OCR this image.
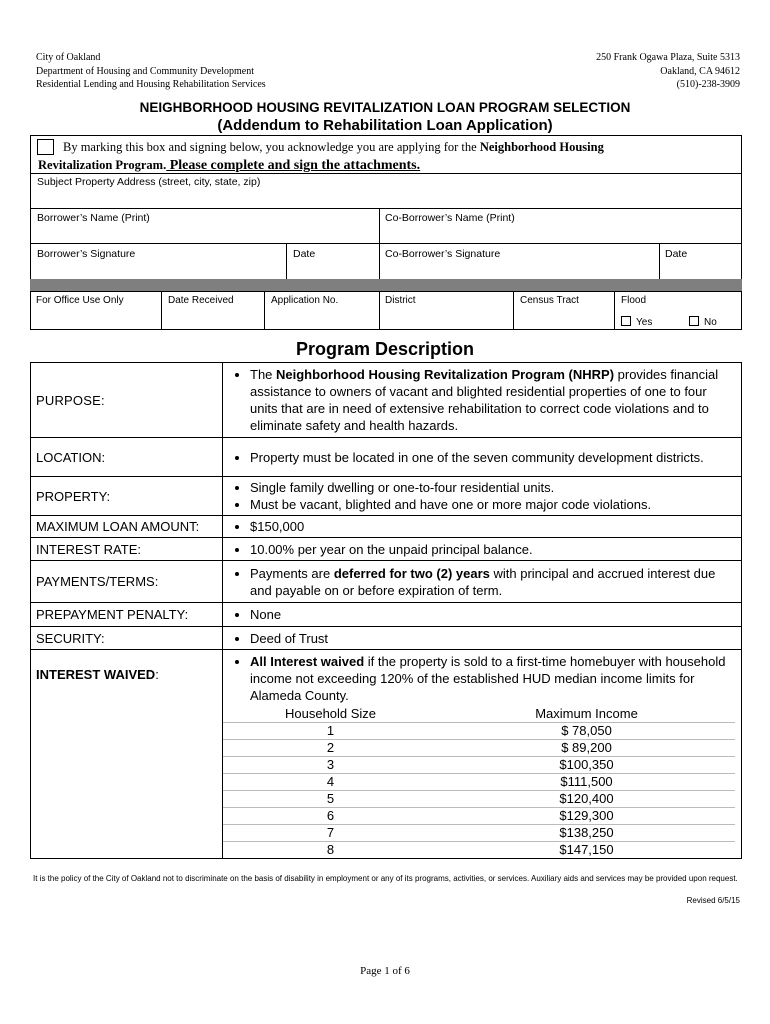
City of Oakland
Department of Housing and Community Development
Residential Lending and Housing Rehabilitation Services
250 Frank Ogawa Plaza, Suite 5313
Oakland, CA 94612
(510)-238-3909
NEIGHBORHOOD HOUSING REVITALIZATION LOAN PROGRAM SELECTION
(Addendum to Rehabilitation Loan Application)
By marking this box and signing below, you acknowledge you are applying for the Neighborhood Housing
Revitalization Program. Please complete and sign the attachments.
Subject Property Address (street, city, state, zip)
Borrower’s Name (Print)	Co-Borrower’s Name (Print)
Borrower’s Signature	Date	Co-Borrower’s Signature	Date
For Office Use Only	Date Received	Application No.	District	Census Tract	Flood
Yes	No
Program Description
PURPOSE:	
• The Neighborhood Housing Revitalization Program (NHRP) provides financial assistance to owners of vacant and blighted residential properties of one to four units that are in need of extensive rehabilitation to correct code violations and to eliminate safety and health hazards.

LOCATION:	
•Property must be located in one of the seven community development districts.

PROPERTY:	
• Single family dwelling or one-to-four residential units.
• Must be vacant, blighted and have one or more major code violations.

MAXIMUM LOAN AMOUNT:	
•$150,000

INTEREST RATE:	
•10.00% per year on the unpaid principal balance.

PAYMENTS/TERMS:	
• Payments are deferred for two (2) years with principal and accrued interest due and payable on or before expiration of term.

PREPAYMENT PENALTY:	
•None

SECURITY:	
•Deed of Trust

INTEREST WAIVED:	
• All Interest waived if the property is sold to a first-time homebuyer with household income not exceeding 120% of the established HUD median income limits for Alameda County.
Household Size	Maximum Income
1	$ 78,050
2	$ 89,200
3	$100,350
4	$111,500
5	$120,400
6	$129,300
7	$138,250
8	$147,150
It is the policy of the City of Oakland not to discriminate on the basis of disability in employment or any of its programs, activities, or services. Auxiliary aids and services may be provided upon request.
Revised 6/5/15
Page 1 of 6
